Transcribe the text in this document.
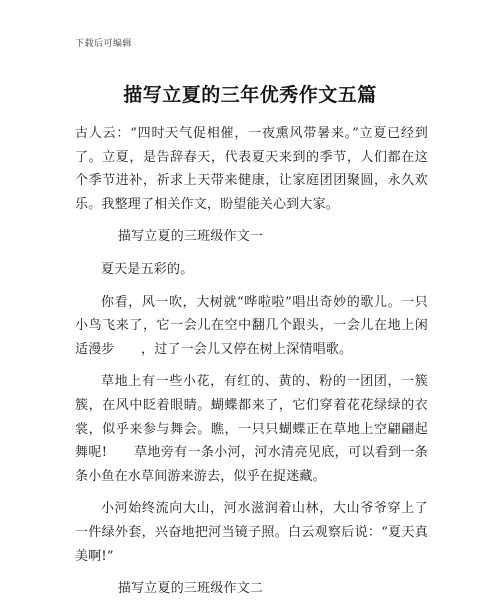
下载后可编辑
描写立夏的三年优秀作文五篇

古人云：“四时天气促相催，一夜熏风带暑来。”立夏已经到了。立夏，是告辞春天，代表夏天来到的季节，人们都在这个季节进补，祈求上天带来健康，让家庭团团聚圆，永久欢乐。我整理了相关作文，盼望能关心到大家。

描写立夏的三班级作文一

夏天是五彩的。

你看，风一吹，大树就“哗啦啦”唱出奇妙的歌儿。一只小鸟飞来了，它一会儿在空中翻几个跟头，一会儿在地上闲适漫步　　，过了一会儿又停在树上深情唱歌。

草地上有一些小花，有红的、黄的、粉的一团团，一簇簇，在风中眨着眼睛。蝴蝶都来了，它们穿着花花绿绿的衣裳，似乎来参与舞会。瞧，一只只蝴蝶正在草地上空翩翩起舞呢!　　草地旁有一条小河，河水清亮见底，可以看到一条条小鱼在水草间游来游去，似乎在捉迷藏。

小河始终流向大山，河水滋润着山林，大山爷爷穿上了一件绿外套，兴奋地把河当镜子照。白云观察后说：“夏天真美啊!”

描写立夏的三班级作文二
